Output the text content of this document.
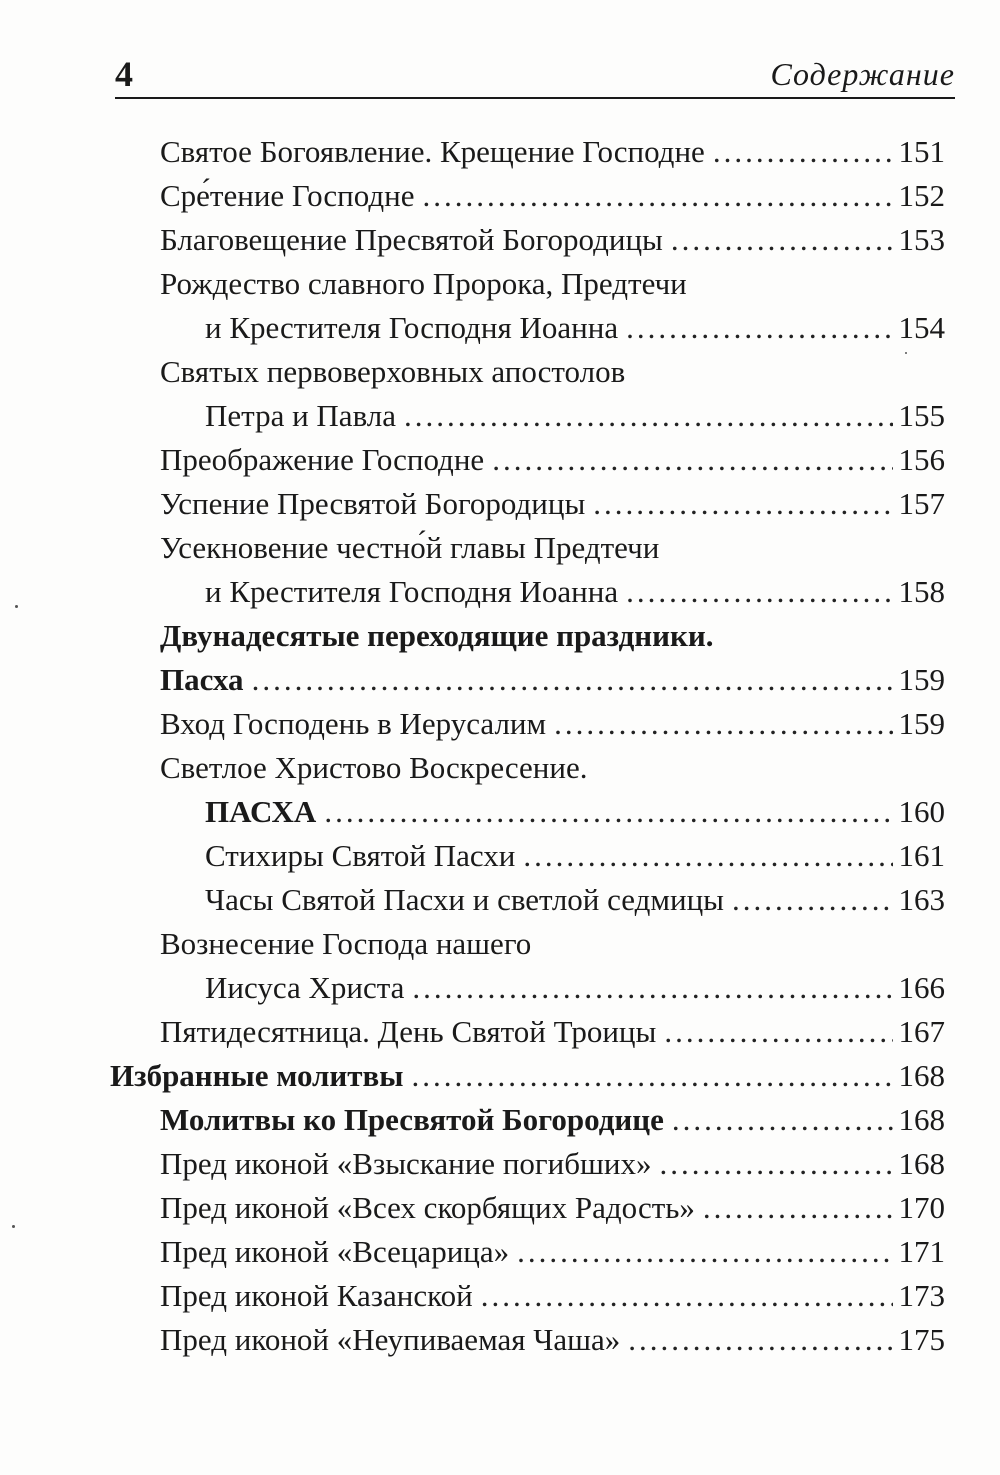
4	Содержание
Святое Богоявление. Крещение Господне .....	151
Сре́тение Господне .....	152
Благовещение Пресвятой Богородицы .....	153
Рождество славного Пророка, Предтечи
и Крестителя Господня Иоанна .....	154
Святых первоверховных апостолов
Петра и Павла .....	155
Преображение Господне .....	156
Успение Пресвятой Богородицы .....	157
Усекновение честно́й главы Предтечи
и Крестителя Господня Иоанна .....	158
Двунадесятые переходящие праздники.
Пасха .....	159
Вход Господень в Иерусалим .....	159
Светлое Христово Воскресение.
ПАСХА .....	160
Стихиры Святой Пасхи .....	161
Часы Святой Пасхи и светлой седмицы .....	163
Вознесение Господа нашего
Иисуса Христа .....	166
Пятидесятница. День Святой Троицы .....	167
Избранные молитвы .....	168
Молитвы ко Пресвятой Богородице .....	168
Пред иконой «Взыскание погибших» .....	168
Пред иконой «Всех скорбящих Радость» .....	170
Пред иконой «Всецарица» .....	171
Пред иконой Казанской .....	173
Пред иконой «Неупиваемая Чаша» .....	175
